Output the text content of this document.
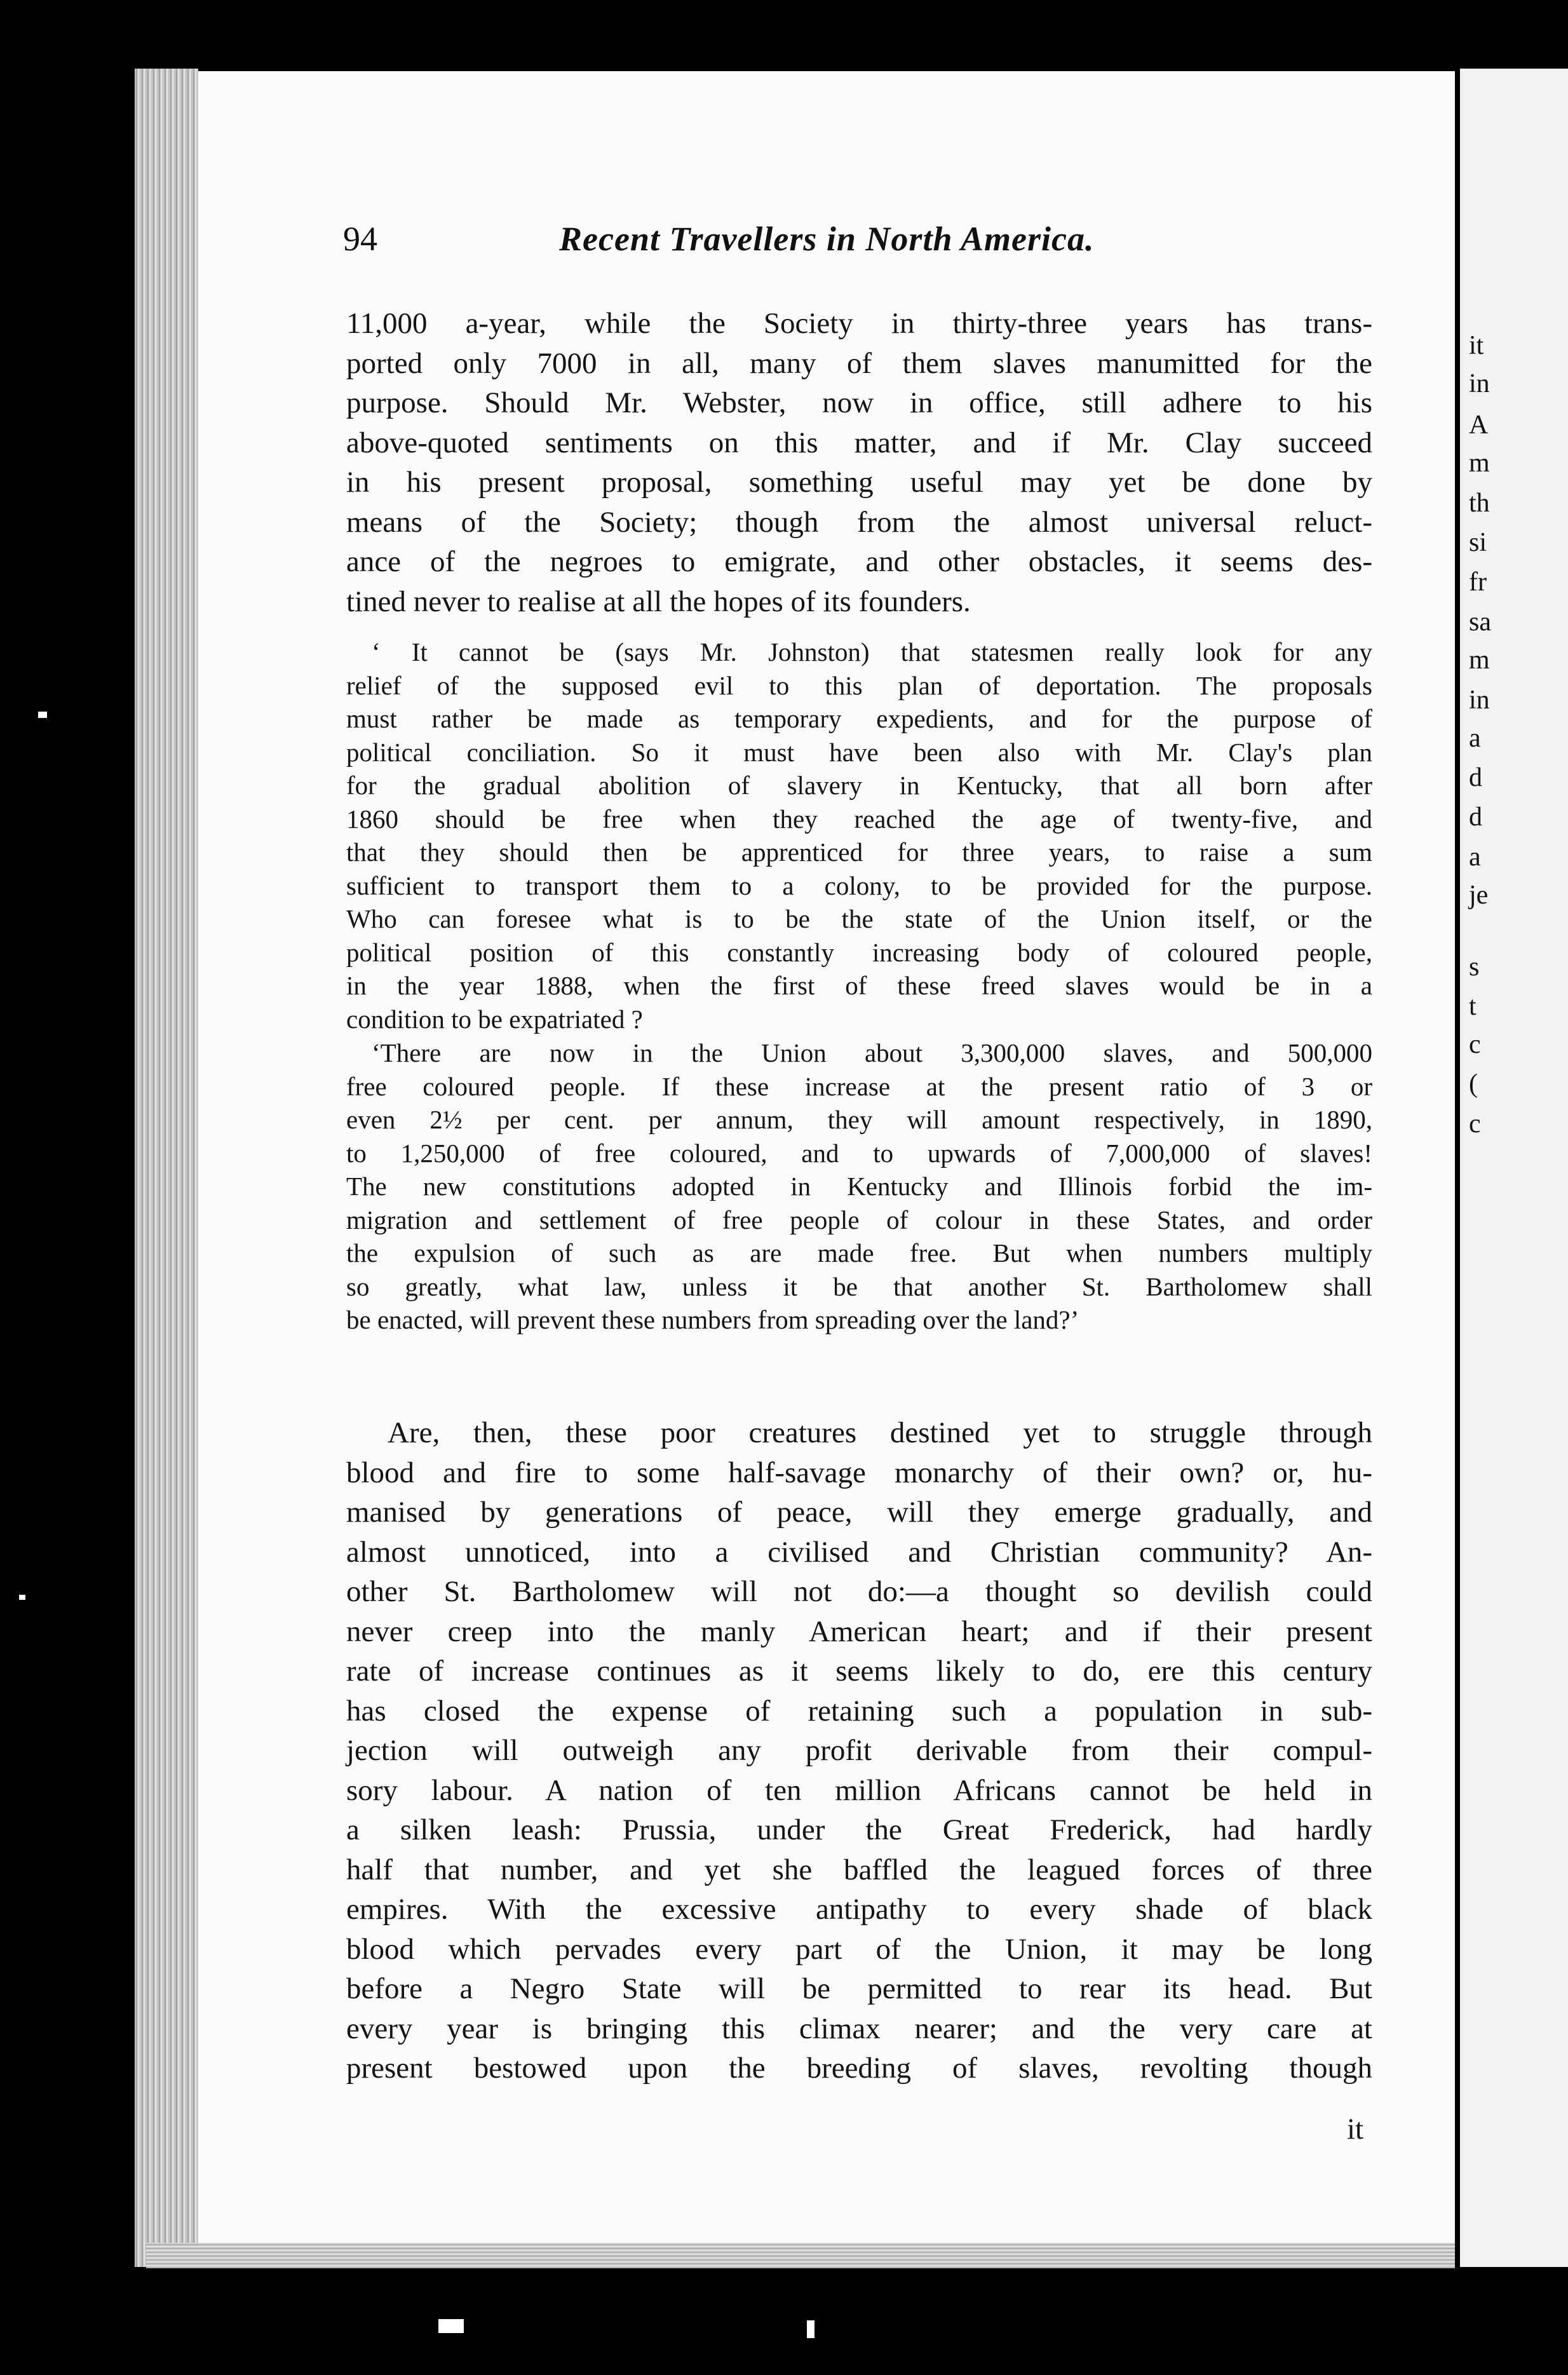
it
in
A
m
th
si
fr
sa
m
in
a
d
d
a
je
s
t
c
(
c
94	Recent Travellers in North America.
11,000 a-year, while the Society in thirty-three years has trans-
ported only 7000 in all, many of them slaves manumitted for the
purpose. Should Mr. Webster, now in office, still adhere to his
above-quoted sentiments on this matter, and if Mr. Clay succeed
in his present proposal, something useful may yet be done by
means of the Society; though from the almost universal reluct-
ance of the negroes to emigrate, and other obstacles, it seems des-
tined never to realise at all the hopes of its founders.
‘ It cannot be (says Mr. Johnston) that statesmen really look for any
relief of the supposed evil to this plan of deportation. The proposals
must rather be made as temporary expedients, and for the purpose of
political conciliation. So it must have been also with Mr. Clay's plan
for the gradual abolition of slavery in Kentucky, that all born after
1860 should be free when they reached the age of twenty-five, and
that they should then be apprenticed for three years, to raise a sum
sufficient to transport them to a colony, to be provided for the purpose.
Who can foresee what is to be the state of the Union itself, or the
political position of this constantly increasing body of coloured people,
in the year 1888, when the first of these freed slaves would be in a
condition to be expatriated ?
‘There are now in the Union about 3,300,000 slaves, and 500,000
free coloured people. If these increase at the present ratio of 3 or
even 2½ per cent. per annum, they will amount respectively, in 1890,
to 1,250,000 of free coloured, and to upwards of 7,000,000 of slaves!
The new constitutions adopted in Kentucky and Illinois forbid the im-
migration and settlement of free people of colour in these States, and order
the expulsion of such as are made free. But when numbers multiply
so greatly, what law, unless it be that another St. Bartholomew shall
be enacted, will prevent these numbers from spreading over the land?’
Are, then, these poor creatures destined yet to struggle through
blood and fire to some half-savage monarchy of their own? or, hu-
manised by generations of peace, will they emerge gradually, and
almost unnoticed, into a civilised and Christian community? An-
other St. Bartholomew will not do:—a thought so devilish could
never creep into the manly American heart; and if their present
rate of increase continues as it seems likely to do, ere this century
has closed the expense of retaining such a population in sub-
jection will outweigh any profit derivable from their compul-
sory labour. A nation of ten million Africans cannot be held in
a silken leash: Prussia, under the Great Frederick, had hardly
half that number, and yet she baffled the leagued forces of three
empires. With the excessive antipathy to every shade of black
blood which pervades every part of the Union, it may be long
before a Negro State will be permitted to rear its head. But
every year is bringing this climax nearer; and the very care at
present bestowed upon the breeding of slaves, revolting though
it
